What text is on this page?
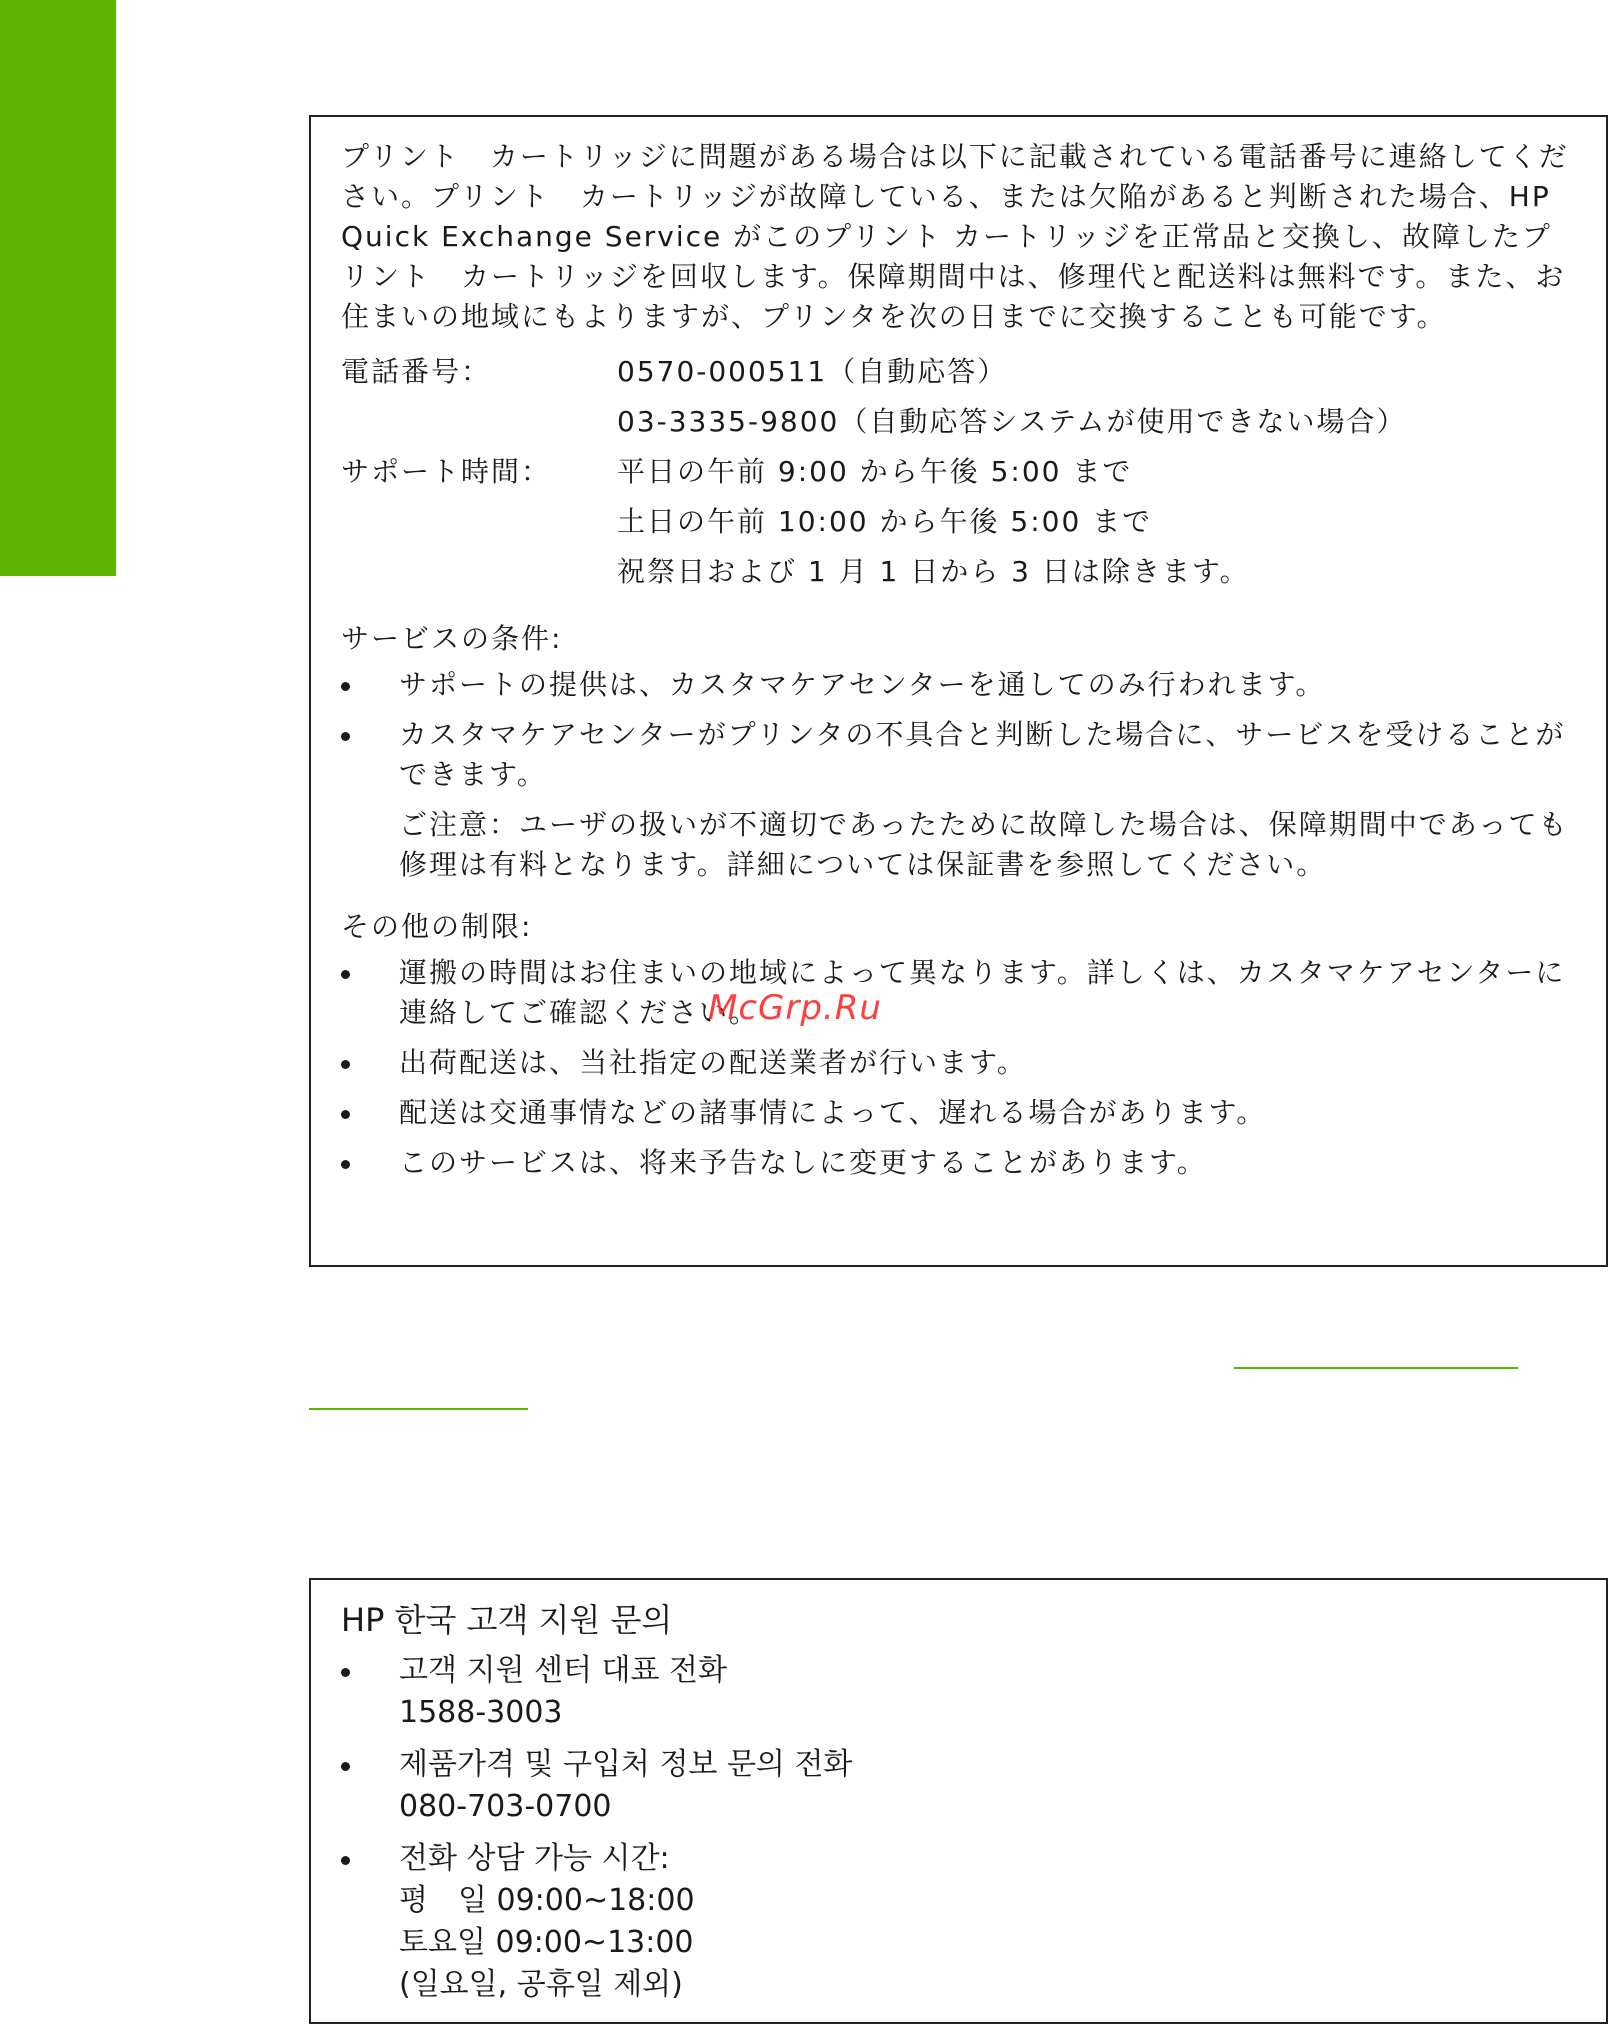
プリント　カートリッジに問題がある場合は以下に記載されている電話番号に連絡してください。プリント　カートリッジが故障している、または欠陥があると判断された場合、HP Quick Exchange Service がこのプリント カートリッジを正常品と交換し、故障したプリント　カートリッジを回収します。保障期間中は、修理代と配送料は無料です。また、お住まいの地域にもよりますが、プリンタを次の日までに交換することも可能です。

電話番号：	0570-000511（自動応答）
03-3335-9800（自動応答システムが使用できない場合）
サポート時間：	平日の午前 9:00 から午後 5:00 まで
土日の午前 10:00 から午後 5:00 まで
祝祭日および 1 月 1 日から 3 日は除きます。

サービスの条件:

サポートの提供は、カスタマケアセンターを通してのみ行われます。
カスタマケアセンターがプリンタの不具合と判断した場合に、サービスを受けることができます。

ご注意：ユーザの扱いが不適切であったために故障した場合は、保障期間中であっても修理は有料となります。詳細については保証書を参照してください。

その他の制限:

運搬の時間はお住まいの地域によって異なります。詳しくは、カスタマケアセンターに連絡してご確認ください。
出荷配送は、当社指定の配送業者が行います。
配送は交通事情などの諸事情によって、遅れる場合があります。
このサービスは、将来予告なしに変更することがあります。
McGrp.Ru

HP 한국 고객 지원 문의

고객 지원 센터 대표 전화
1588-3003
제품가격 및 구입처 정보 문의 전화
080-703-0700
전화 상담 가능 시간:
평　일 09:00~18:00
토요일 09:00~13:00
(일요일, 공휴일 제외)
